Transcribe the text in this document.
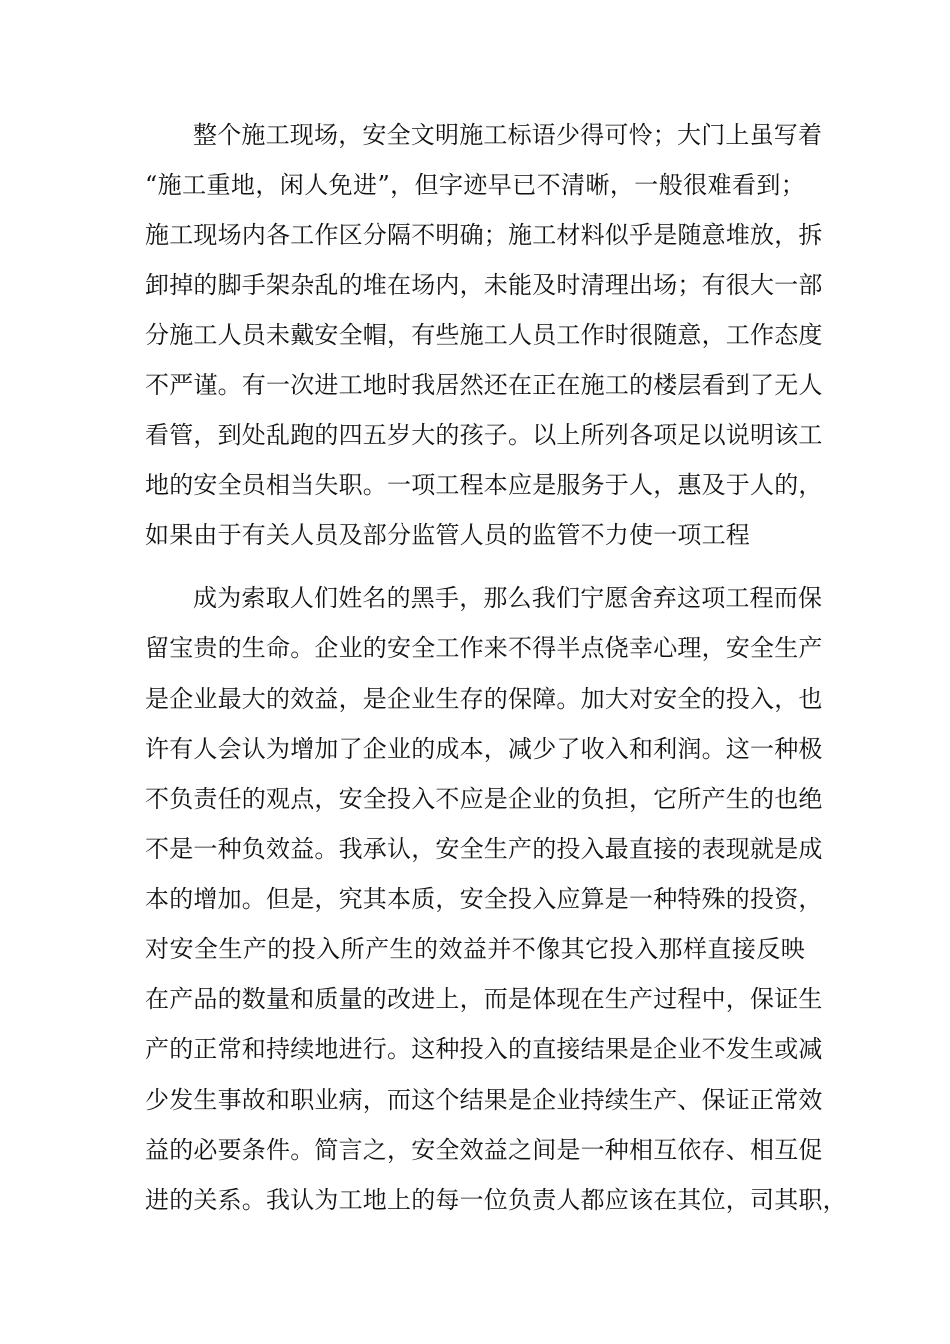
整个施工现场，安全文明施工标语少得可怜；大门上虽写着
“施工重地，闲人免进”，但字迹早已不清晰，一般很难看到；
施工现场内各工作区分隔不明确；施工材料似乎是随意堆放，拆
卸掉的脚手架杂乱的堆在场内，未能及时清理出场；有很大一部
分施工人员未戴安全帽，有些施工人员工作时很随意，工作态度
不严谨。有一次进工地时我居然还在正在施工的楼层看到了无人
看管，到处乱跑的四五岁大的孩子。以上所列各项足以说明该工
地的安全员相当失职。一项工程本应是服务于人，惠及于人的，
如果由于有关人员及部分监管人员的监管不力使一项工程
成为索取人们姓名的黑手，那么我们宁愿舍弃这项工程而保
留宝贵的生命。企业的安全工作来不得半点侥幸心理，安全生产
是企业最大的效益，是企业生存的保障。加大对安全的投入，也
许有人会认为增加了企业的成本，减少了收入和利润。这一种极
不负责任的观点，安全投入不应是企业的负担，它所产生的也绝
不是一种负效益。我承认，安全生产的投入最直接的表现就是成
本的增加。但是，究其本质，安全投入应算是一种特殊的投资，
对安全生产的投入所产生的效益并不像其它投入那样直接反映
在产品的数量和质量的改进上，而是体现在生产过程中，保证生
产的正常和持续地进行。这种投入的直接结果是企业不发生或减
少发生事故和职业病，而这个结果是企业持续生产、保证正常效
益的必要条件。简言之，安全效益之间是一种相互依存、相互促
进的关系。我认为工地上的每一位负责人都应该在其位，司其职，
